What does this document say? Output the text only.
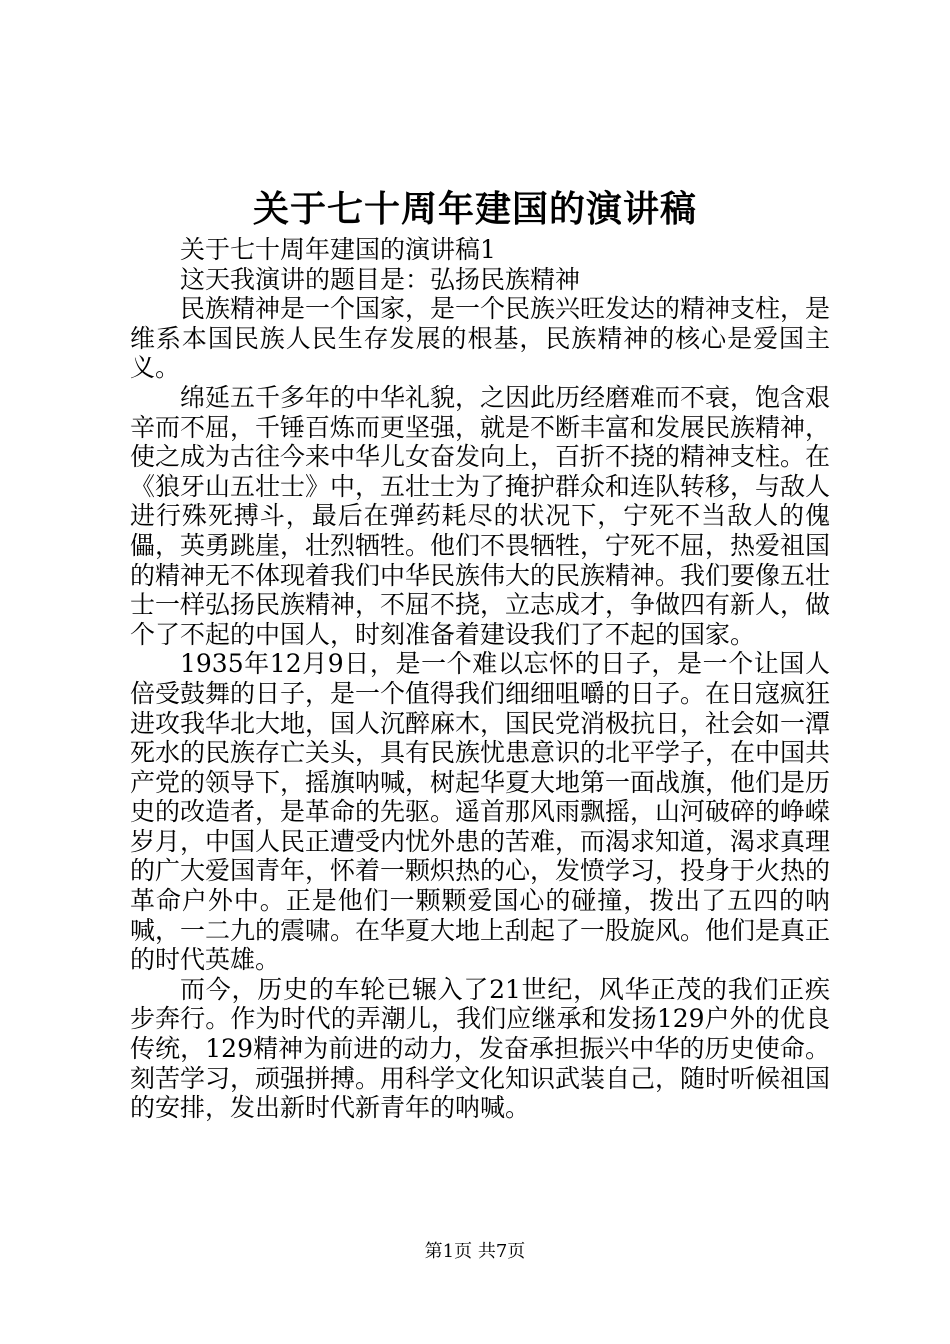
关于七十周年建国的演讲稿

关于七十周年建国的演讲稿1

这天我演讲的题目是：弘扬民族精神

民族精神是一个国家，是一个民族兴旺发达的精神支柱，是维系本国民族人民生存发展的根基，民族精神的核心是爱国主义。

绵延五千多年的中华礼貌，之因此历经磨难而不衰，饱含艰辛而不屈，千锤百炼而更坚强，就是不断丰富和发展民族精神，使之成为古往今来中华儿女奋发向上，百折不挠的精神支柱。在《狼牙山五壮士》中，五壮士为了掩护群众和连队转移，与敌人进行殊死搏斗，最后在弹药耗尽的状况下，宁死不当敌人的傀儡，英勇跳崖，壮烈牺牲。他们不畏牺牲，宁死不屈，热爱祖国的精神无不体现着我们中华民族伟大的民族精神。我们要像五壮士一样弘扬民族精神，不屈不挠，立志成才，争做四有新人，做个了不起的中国人，时刻准备着建设我们了不起的国家。

1935年12月9日，是一个难以忘怀的日子，是一个让国人倍受鼓舞的日子，是一个值得我们细细咀嚼的日子。在日寇疯狂进攻我华北大地，国人沉醉麻木，国民党消极抗日，社会如一潭死水的民族存亡关头，具有民族忧患意识的北平学子，在中国共产党的领导下，摇旗呐喊，树起华夏大地第一面战旗，他们是历史的改造者，是革命的先驱。遥首那风雨飘摇，山河破碎的峥嵘岁月，中国人民正遭受内忧外患的苦难，而渴求知道，渴求真理的广大爱国青年，怀着一颗炽热的心，发愤学习，投身于火热的革命户外中。正是他们一颗颗爱国心的碰撞，拨出了五四的呐喊，一二九的震啸。在华夏大地上刮起了一股旋风。他们是真正的时代英雄。

而今，历史的车轮已辗入了21世纪，风华正茂的我们正疾步奔行。作为时代的弄潮儿，我们应继承和发扬129户外的优良传统，129精神为前进的动力，发奋承担振兴中华的历史使命。刻苦学习，顽强拼搏。用科学文化知识武装自己，随时听候祖国的安排，发出新时代新青年的呐喊。

第1页 共7页
